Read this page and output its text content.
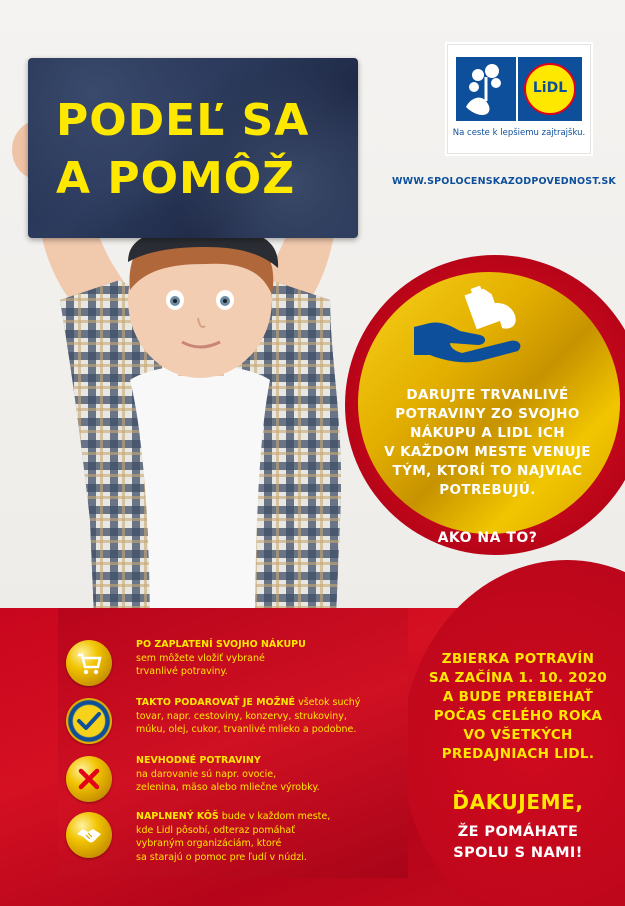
PODEĽ SA
A POMÔŽ
LiDL
Na ceste k lepšiemu zajtrajšku.
WWW.SPOLOCENSKAZODPOVEDNOST.SK
DARUJTE TRVANLIVÉ
POTRAVINY ZO SVOJHO
NÁKUPU A LIDL ICH
V KAŽDOM MESTE VENUJE
TÝM, KTORÍ TO NAJVIAC
POTREBUJÚ.
AKO NA TO?
PO ZAPLATENÍ SVOJHO NÁKUPU
sem môžete vložiť vybrané
trvanlivé potraviny.
TAKTO PODAROVAŤ JE MOŽNÉ všetok suchý
tovar, napr. cestoviny, konzervy, strukoviny,
múku, olej, cukor, trvanlivé mlieko a podobne.
NEVHODNÉ POTRAVINY
na darovanie sú napr. ovocie,
zelenina, mäso alebo mliečne výrobky.
NAPLNENÝ KÔŠ bude v každom meste,
kde Lidl pôsobí, odteraz pomáhať
vybraným organizáciám, ktoré
sa starajú o pomoc pre ľudí v núdzi.
ZBIERKA POTRAVÍN
SA ZAČÍNA 1. 10. 2020
A BUDE PREBIEHAŤ
POČAS CELÉHO ROKA
VO VŠETKÝCH
PREDAJNIACH LIDL.
ĎAKUJEME,
ŽE POMÁHATE
SPOLU S NAMI!
